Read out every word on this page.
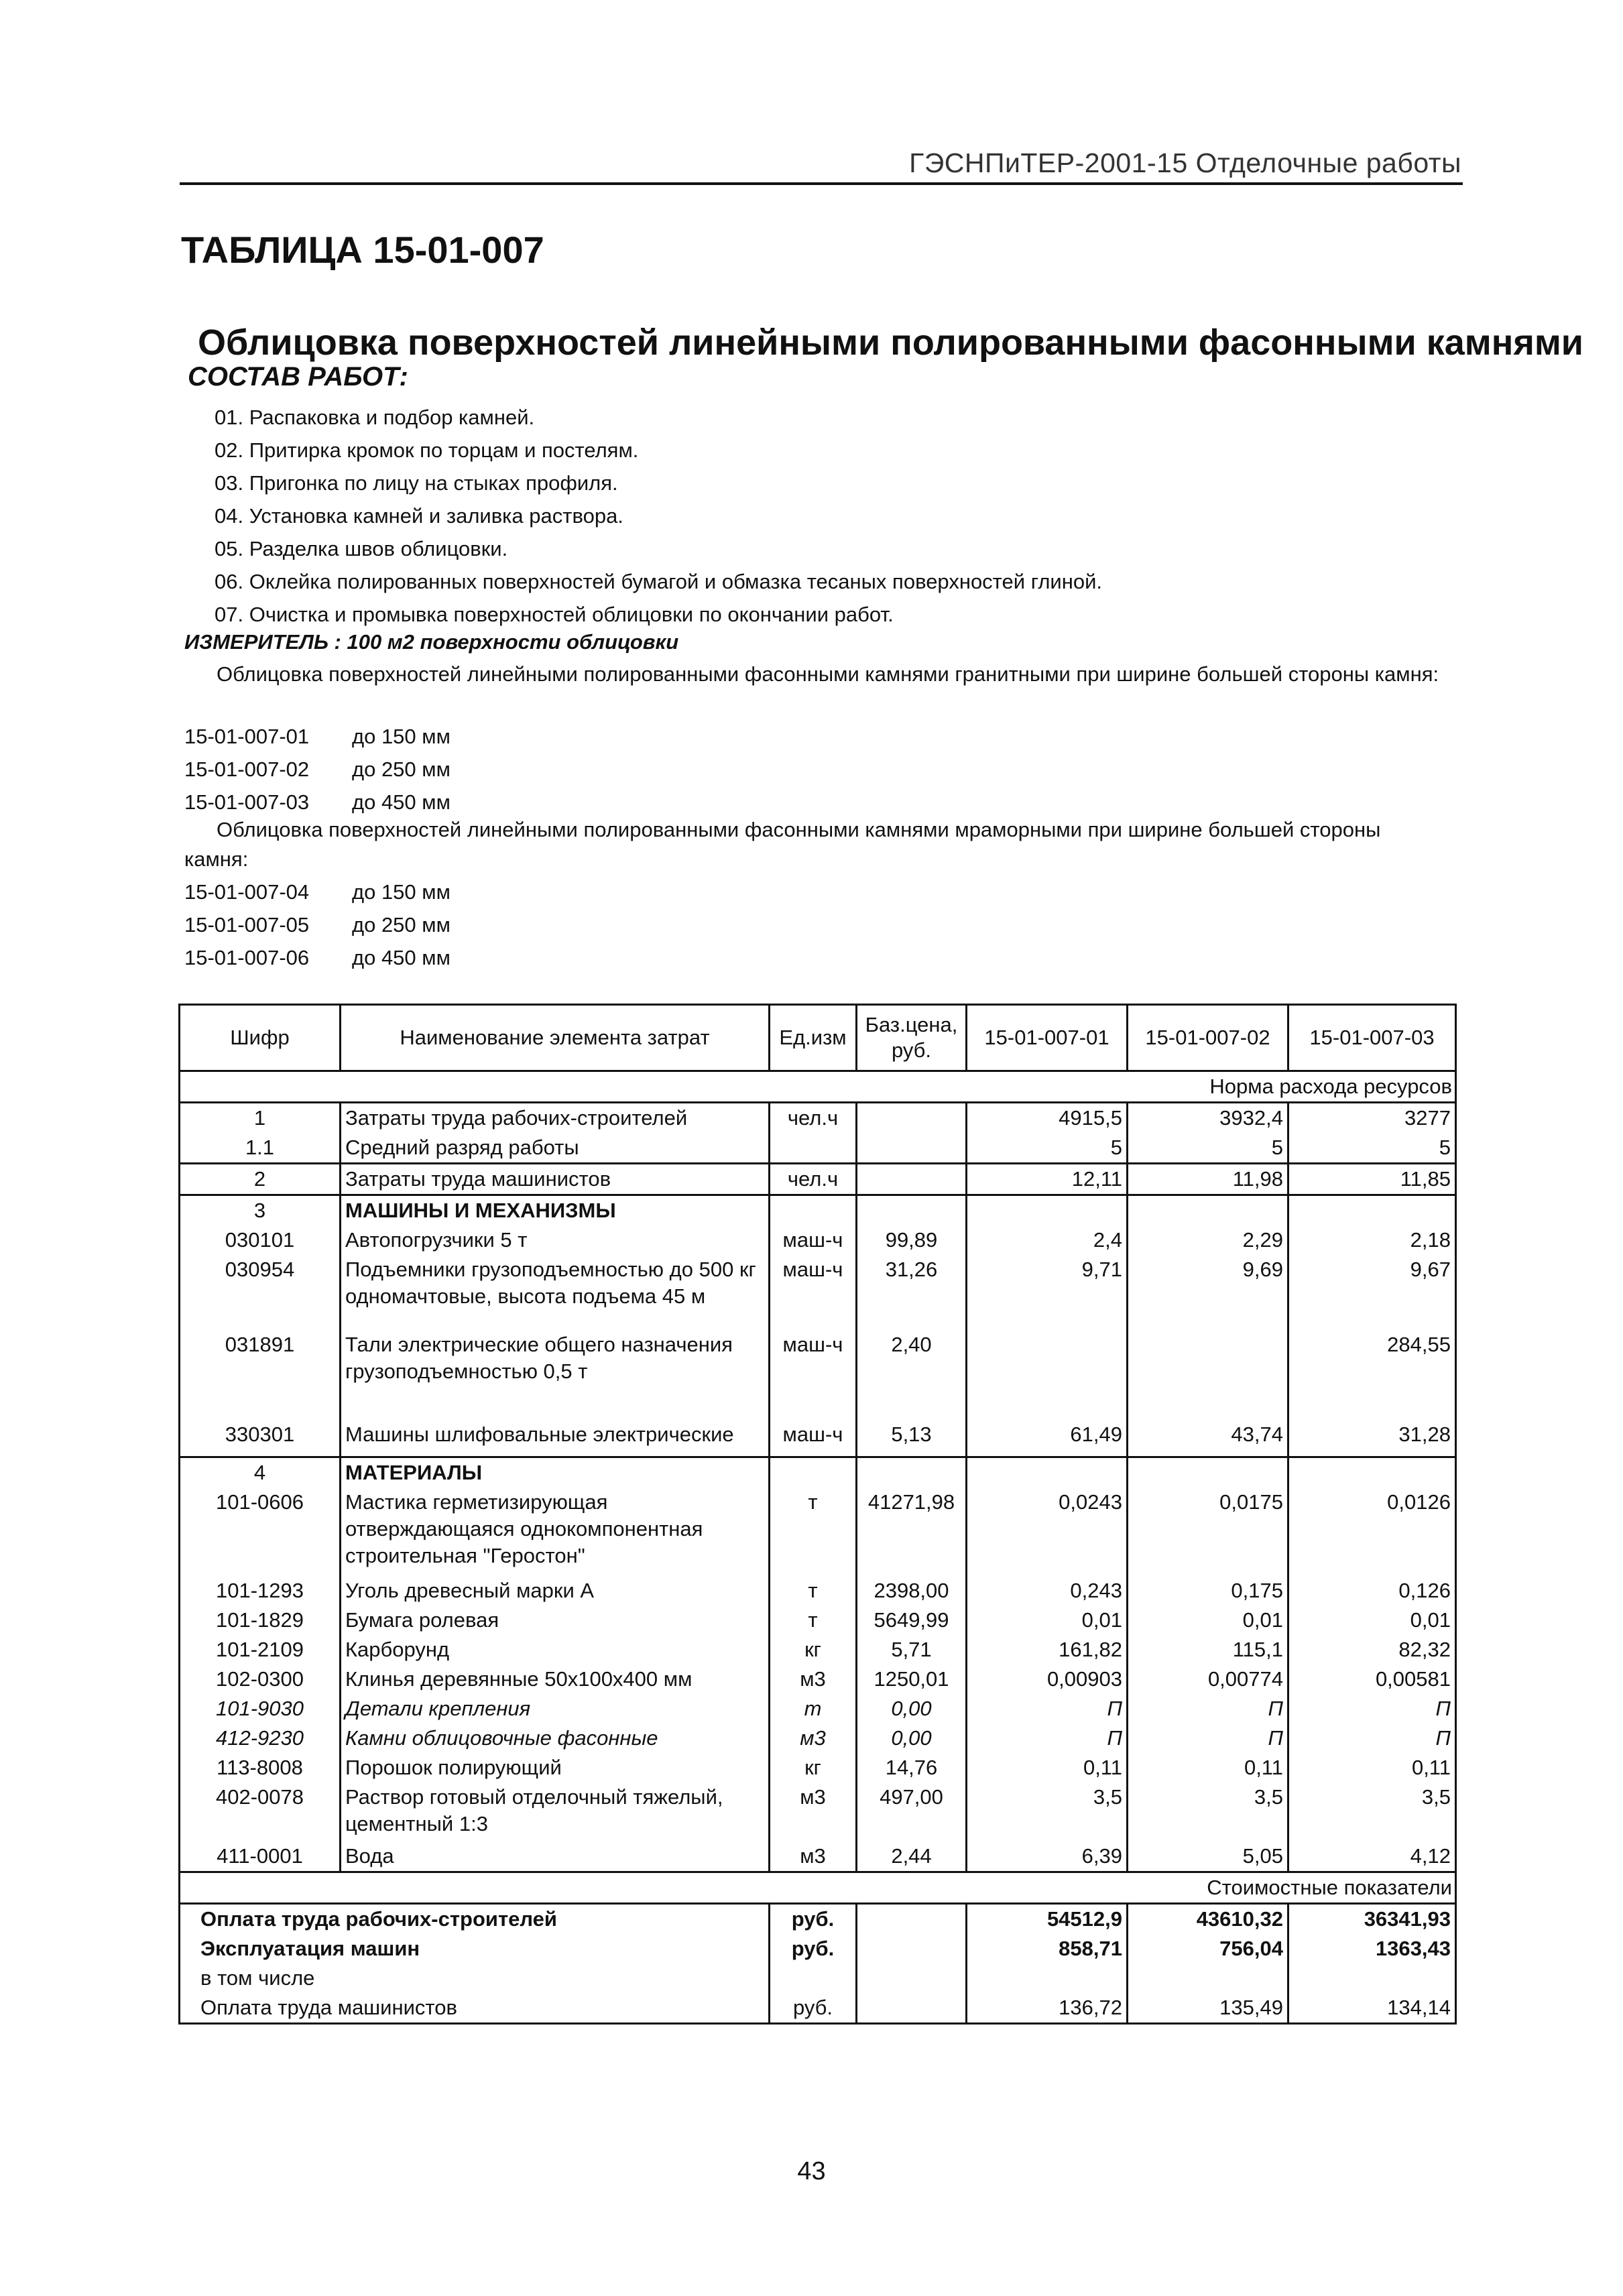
ГЭСНПиТЕР-2001-15 Отделочные работы
ТАБЛИЦА 15-01-007
Облицовка поверхностей линейными полированными фасонными камнями
СОСТАВ РАБОТ:
01. Распаковка и подбор камней.
02. Притирка кромок по торцам и постелям.
03. Пригонка по лицу на стыках профиля.
04. Установка камней и заливка раствора.
05. Разделка швов облицовки.
06. Оклейка полированных поверхностей бумагой и обмазка тесаных поверхностей глиной.
07. Очистка и промывка поверхностей облицовки по окончании работ.
ИЗМЕРИТЕЛЬ : 100 м2 поверхности облицовки
Облицовка поверхностей линейными полированными фасонными камнями гранитными при ширине большей стороны камня:
15-01-007-01	до 150 мм
15-01-007-02	до 250 мм
15-01-007-03	до 450 мм
Облицовка поверхностей линейными полированными фасонными камнями мраморными при ширине большей стороны камня:
15-01-007-04	до 150 мм
15-01-007-05	до 250 мм
15-01-007-06	до 450 мм
Шифр	Наименование элемента затрат	Ед.изм	Баз.цена, руб.	15-01-007-01	15-01-007-02	15-01-007-03
Норма расхода ресурсов						
1	Затраты труда рабочих-строителей	чел.ч		4915,5	3932,4	3277
1.1	Средний разряд работы			5	5	5
2	Затраты труда машинистов	чел.ч		12,11	11,98	11,85
3	МАШИНЫ И МЕХАНИЗМЫ					
030101	Автопогрузчики 5 т	маш-ч	99,89	2,4	2,29	2,18
030954	Подъемники грузоподъемностью до 500 кг одномачтовые, высота подъема 45 м	маш-ч	31,26	9,71	9,69	9,67
031891	Тали электрические общего назначения грузоподъемностью 0,5 т	маш-ч	2,40			284,55
330301	Машины шлифовальные электрические	маш-ч	5,13	61,49	43,74	31,28
4	МАТЕРИАЛЫ					
101-0606	Мастика герметизирующая отверждающаяся однокомпонентная строительная "Геростон"	т	41271,98	0,0243	0,0175	0,0126
101-1293	Уголь древесный марки А	т	2398,00	0,243	0,175	0,126
101-1829	Бумага ролевая	т	5649,99	0,01	0,01	0,01
101-2109	Карборунд	кг	5,71	161,82	115,1	82,32
102-0300	Клинья деревянные 50х100х400 мм	м3	1250,01	0,00903	0,00774	0,00581
101-9030	Детали крепления	т	0,00	П	П	П
412-9230	Камни облицовочные фасонные	м3	0,00	П	П	П
113-8008	Порошок полирующий	кг	14,76	0,11	0,11	0,11
402-0078	Раствор готовый отделочный тяжелый, цементный 1:3	м3	497,00	3,5	3,5	3,5
411-0001	Вода	м3	2,44	6,39	5,05	4,12
Стоимостные показатели						
Оплата труда рабочих-строителей		руб.		54512,9	43610,32	36341,93
Эксплуатация машин		руб.		858,71	756,04	1363,43
в том числе						
Оплата труда машинистов		руб.		136,72	135,49	134,14
43
